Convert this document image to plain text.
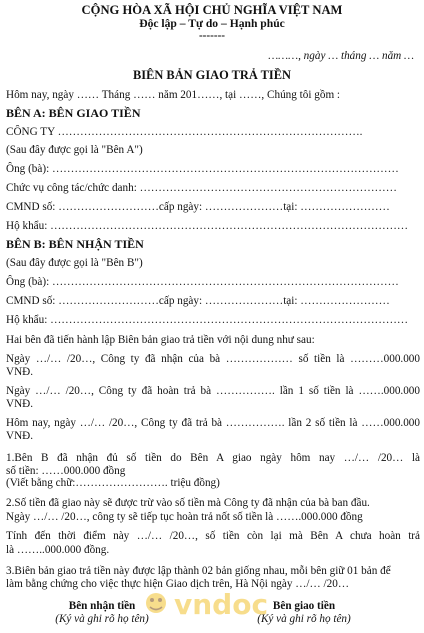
CỘNG HÒA XÃ HỘI CHỦ NGHĨA VIỆT NAM
Độc lập – Tự do – Hạnh phúc
-------
………, ngày … tháng … năm …
BIÊN BẢN GIAO TRẢ TIỀN
Hôm nay, ngày …… Tháng …… năm 201……, tại ……, Chúng tôi gồm :
BÊN A: BÊN GIAO TIỀN
CÔNG TY ……………………………………………………………………….
(Sau đây được gọi là "Bên A")
Ông (bà): …………………………………………………………………………………
Chức vụ công tác/chức danh: ……………………………………………………………
CMND số: ………………………cấp ngày: …………………tại: ……………………
Hộ khẩu: ……………………………………………………………………………………
BÊN B: BÊN NHẬN TIỀN
(Sau đây được gọi là "Bên B")
Ông (bà): …………………………………………………………………………………
CMND số: ………………………cấp ngày: …………………tại: ……………………
Hộ khẩu: ……………………………………………………………………………………
Hai bên đã tiến hành lập Biên bản giao trả tiền với nội dung như sau:
Ngày …/… /20…, Công ty đã nhận của bà ……………… số tiền là ………000.000
VNĐ.
Ngày …/… /20…, Công ty đã hoàn trả bà ……………. lần 1 số tiền là …….000.000
VNĐ.
Hôm nay, ngày …/… /20…, Công ty đã trả bà ……………. lần 2 số tiền là ……000.000
VNĐ.
1.Bên B đã nhận đủ số tiền do Bên A giao ngày hôm nay …/… /20… là
số tiền: ……000.000 đồng
(Viết bằng chữ:……………………. triệu đồng)
2.Số tiền đã giao này sẽ được trừ vào số tiền mà Công ty đã nhận của bà ban đầu.
Ngày …/… /20…, công ty sẽ tiếp tục hoàn trả nốt số tiền là …….000.000 đồng
Tính đến thời điểm này …/… /20…, số tiền còn lại mà Bên A chưa hoàn trả
là ……..000.000 đồng.
3.Biên bản giao trả tiền này được lập thành 02 bản giống nhau, mỗi bên giữ 01 bản để
làm bằng chứng cho việc thực hiện Giao dịch trên, Hà Nội ngày …/… /20…
Bên nhận tiền
(Ký và ghi rõ họ tên)
Bên giao tiền
(Ký và ghi rõ họ tên)
vndoc
